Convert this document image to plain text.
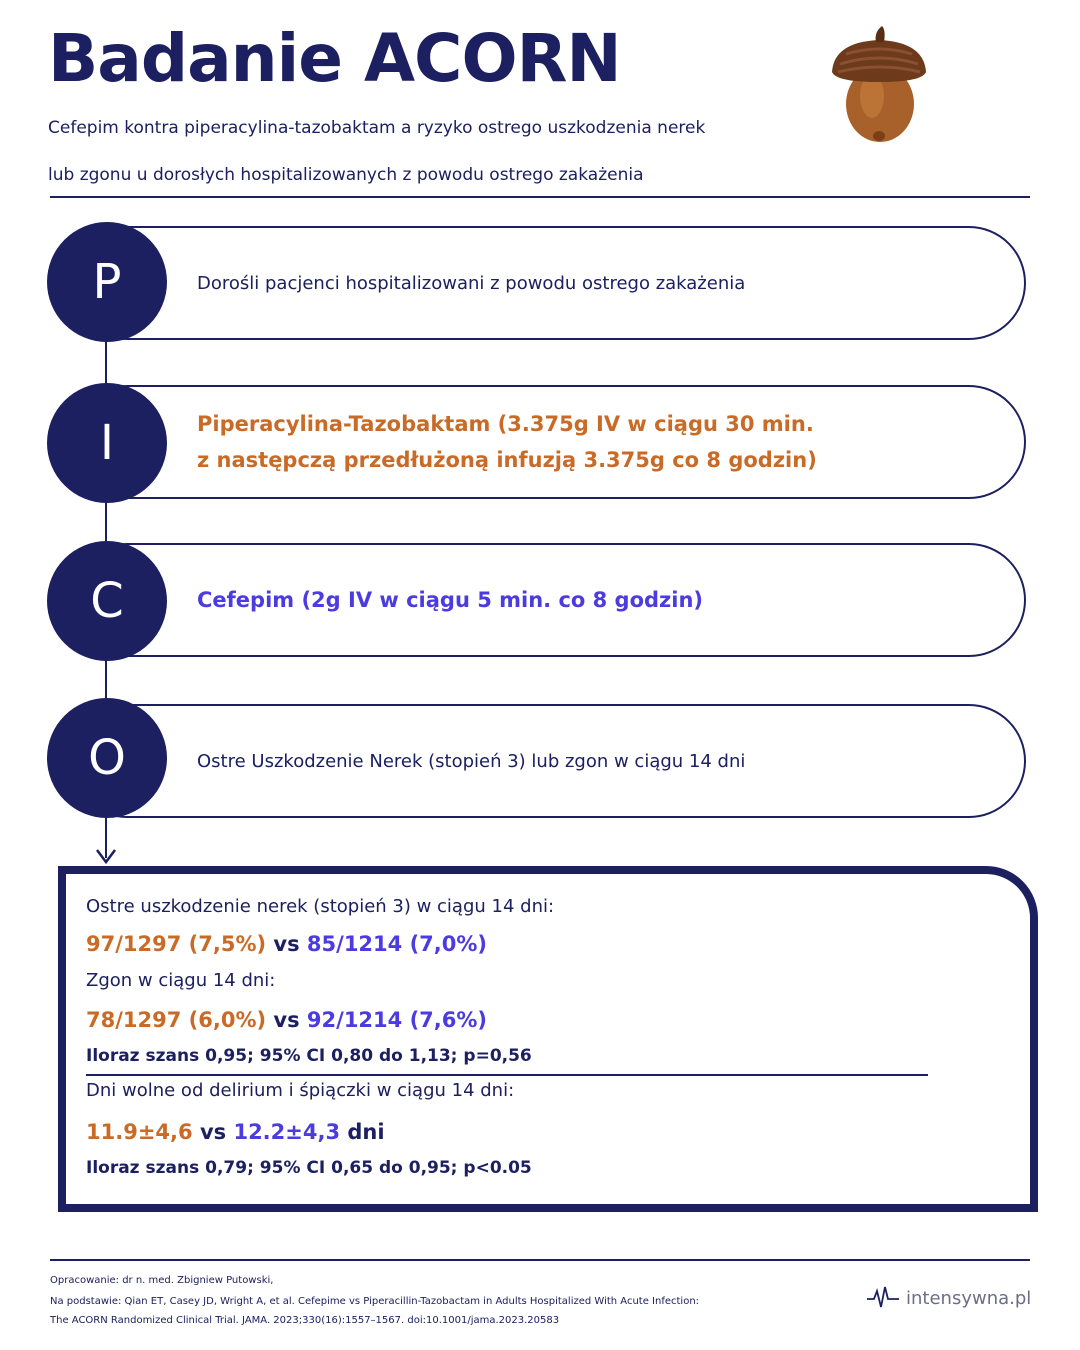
Badanie ACORN
Cefepim kontra piperacylina-tazobaktam a ryzyko ostrego uszkodzenia nerek
lub zgonu u dorosłych hospitalizowanych z powodu ostrego zakażenia
Dorośli pacjenci hospitalizowani z powodu ostrego zakażenia
P
Piperacylina-Tazobaktam (3.375g IV w ciągu 30 min.
z następczą przedłużoną infuzją 3.375g co 8 godzin)
I
Cefepim (2g IV w ciągu 5 min. co 8 godzin)
C
Ostre Uszkodzenie Nerek (stopień 3) lub zgon w ciągu 14 dni
O
Ostre uszkodzenie nerek (stopień 3) w ciągu 14 dni:
97/1297 (7,5%) vs 85/1214 (7,0%)
Zgon w ciągu 14 dni:
78/1297 (6,0%) vs 92/1214 (7,6%)
Iloraz szans 0,95; 95% CI 0,80 do 1,13; p=0,56
Dni wolne od delirium i śpiączki w ciągu 14 dni:
11.9±4,6 vs 12.2±4,3 dni
Iloraz szans 0,79; 95% CI 0,65 do 0,95; p<0.05
Opracowanie: dr n. med. Zbigniew Putowski,
Na podstawie: Qian ET, Casey JD, Wright A, et al. Cefepime vs Piperacillin-Tazobactam in Adults Hospitalized With Acute Infection:
The ACORN Randomized Clinical Trial. JAMA. 2023;330(16):1557–1567. doi:10.1001/jama.2023.20583
intensywna.pl
